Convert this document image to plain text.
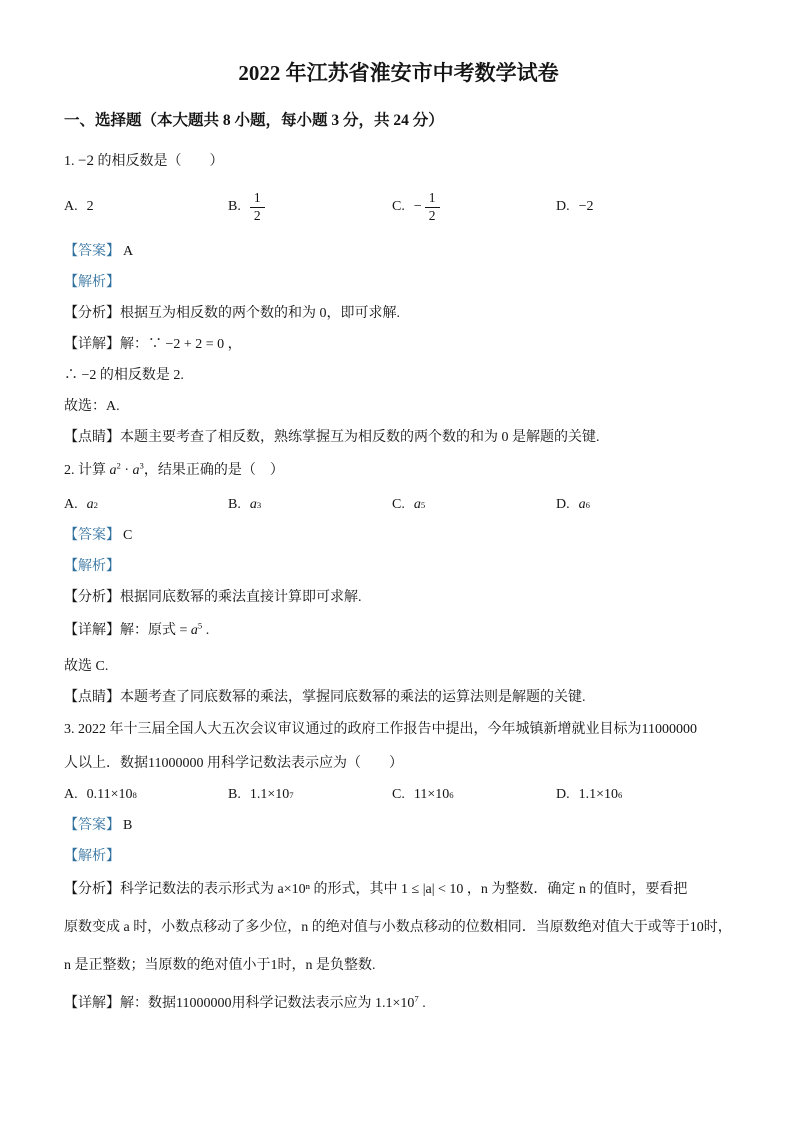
2022 年江苏省淮安市中考数学试卷
一、选择题（本大题共 8 小题，每小题 3 分，共 24 分）

1. −2 的相反数是（　　）

A. 2	B. $\frac{1}{2}$	C. − $\frac{1}{2}$	D. −2

【答案】 A

【解析】

【分析】根据互为相反数的两个数的和为 0，即可求解.

【详解】解：∵ −2 + 2 = 0 ，

∴ −2 的相反数是 2.

故选：A.

【点睛】本题主要考查了相反数，熟练掌握互为相反数的两个数的和为 0 是解题的关键.

2. 计算 $a^2 \cdot a^3$，结果正确的是（　）

A. a 2	B. a 3	C. a 5	D. a 6

【答案】 C

【解析】

【分析】根据同底数幂的乘法直接计算即可求解.

【详解】解：原式 = $a^5$ .

故选 C.

【点睛】本题考查了同底数幂的乘法，掌握同底数幂的乘法的运算法则是解题的关键.

3. 2022 年十三届全国人大五次会议审议通过的政府工作报告中提出，今年城镇新增就业目标为11000000

人以上．数据11000000 用科学记数法表示应为（　　）

A. 0.11×10 8	B. 1.1×10 7	C. 11×10 6	D. 1.1×10 6

【答案】 B

【解析】

【分析】科学记数法的表示形式为 a×10ⁿ 的形式，其中 1 ≤ |a| < 10 ，n 为整数．确定 n 的值时，要看把

原数变成 a 时，小数点移动了多少位，n 的绝对值与小数点移动的位数相同．当原数绝对值大于或等于10时，

n 是正整数；当原数的绝对值小于1时，n 是负整数.

【详解】解：数据11000000用科学记数法表示应为 $1.1\times 10^7$ .
